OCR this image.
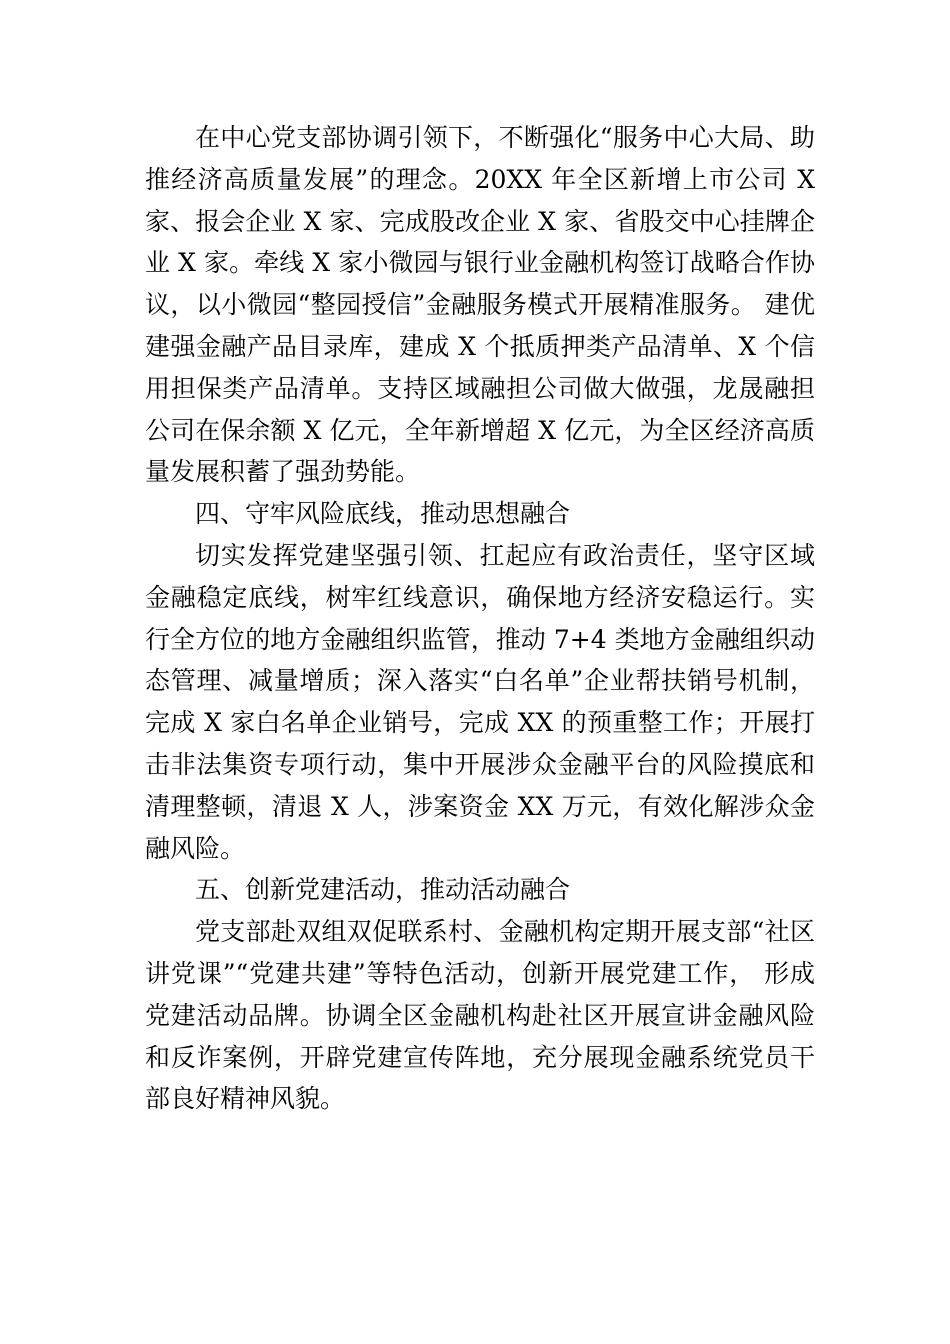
在中心党支部协调引领下，不断强化“服务中心大局、助推经济高质量发展”的理念。20XX 年全区新增上市公司 X 家、报会企业 X 家、完成股改企业 X 家、省股交中心挂牌企业 X 家。牵线 X 家小微园与银行业金融机构签订战略合作协议，以小微园“整园授信”金融服务模式开展精准服务。 建优建强金融产品目录库，建成 X 个抵质押类产品清单、X 个信用担保类产品清单。支持区域融担公司做大做强，龙晟融担公司在保余额 X 亿元，全年新增超 X 亿元，为全区经济高质量发展积蓄了强劲势能。

四、守牢风险底线，推动思想融合

切实发挥党建坚强引领、扛起应有政治责任，坚守区域金融稳定底线，树牢红线意识，确保地方经济安稳运行。实行全方位的地方金融组织监管，推动 7+4 类地方金融组织动态管理、减量增质；深入落实“白名单”企业帮扶销号机制，完成 X 家白名单企业销号，完成 XX 的预重整工作；开展打击非法集资专项行动，集中开展涉众金融平台的风险摸底和清理整顿，清退 X 人，涉案资金 XX 万元，有效化解涉众金融风险。

五、创新党建活动，推动活动融合

党支部赴双组双促联系村、金融机构定期开展支部“社区讲党课”“党建共建”等特色活动，创新开展党建工作， 形成党建活动品牌。协调全区金融机构赴社区开展宣讲金融风险和反诈案例，开辟党建宣传阵地，充分展现金融系统党员干部良好精神风貌。
